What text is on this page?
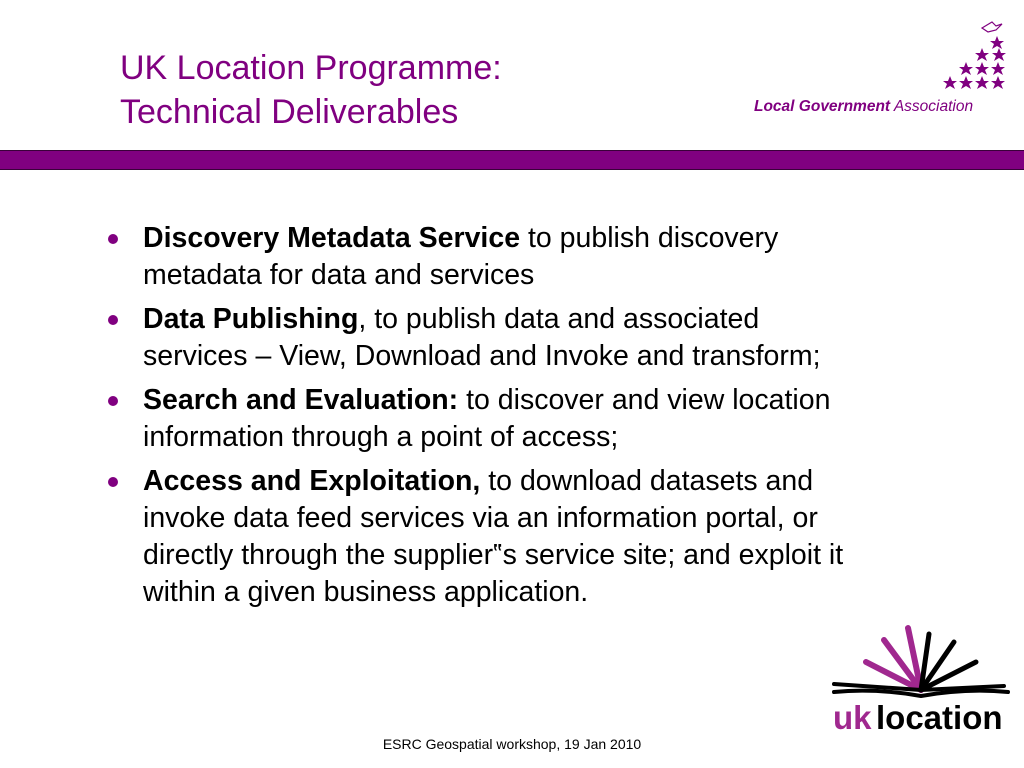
UK Location Programme:
Technical Deliverables	Local Government Association
Discovery Metadata Service to publish discovery metadata for data and services
Data Publishing, to publish data and associated services – View, Download and Invoke and transform;
Search and Evaluation: to discover and view location information through a point of access;
Access and Exploitation, to download datasets and invoke data feed services via an information portal, or directly through the supplier‟s service site; and exploit it within a given business application.
uk location
ESRC Geospatial workshop, 19 Jan 2010
